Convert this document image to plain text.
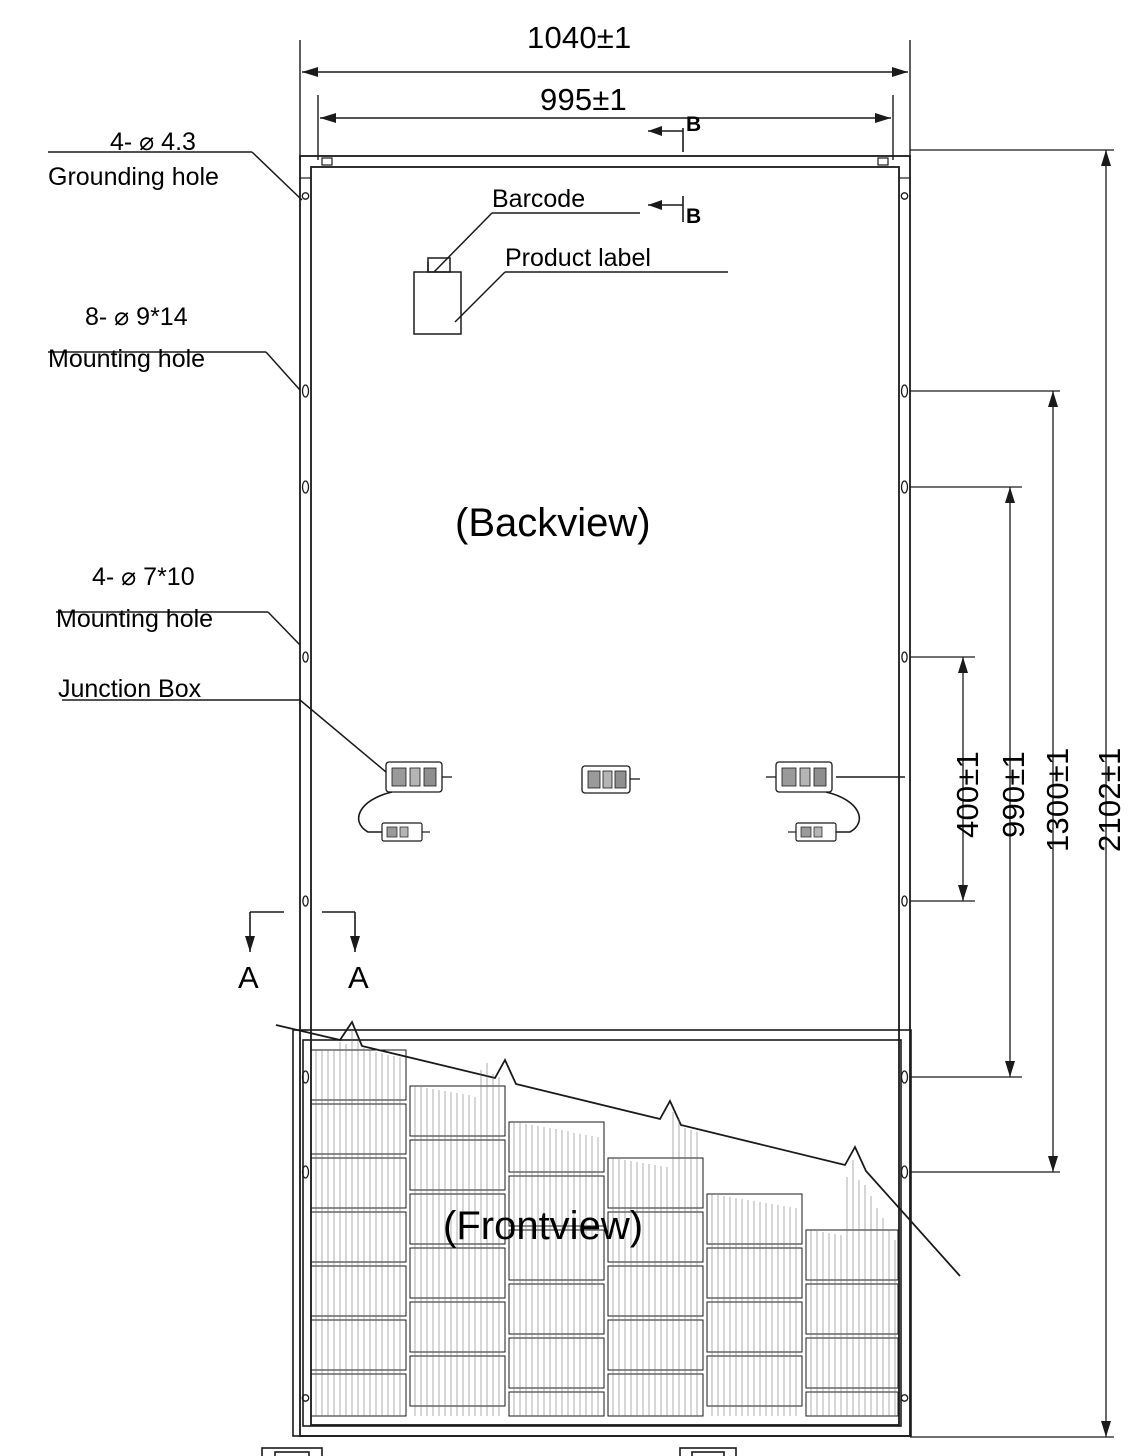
1040±1
995±1
B
B
4- ⌀ 4.3
Grounding hole
8- ⌀ 9*14
Mounting hole
4- ⌀ 7*10
Mounting hole
Junction Box
Barcode
Product label
(Backview)
(Frontview)
A	A
400±1 990±1 1300±1 2102±1
